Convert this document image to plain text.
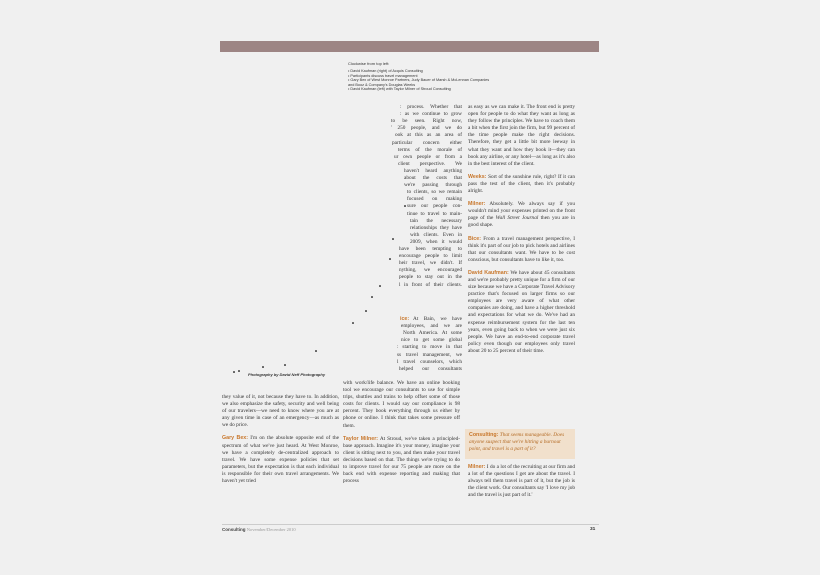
Clockwise from top left:
• David Kaufman (right) of Acquis Consulting
• Participants discuss travel management
• Gary Bex of West Monroe Partners, Judy Bauer of Marsh & McLennan Companies
and Booz & Company's Douglas Weeks
• David Kaufman (left) with Taylor Milner of Stroud Consulting
: process. Whether that
: as we continue to grow
to be seen. Right now,
' 250 people, and we do
ook at this as an area of
particular concern either
terms of the morale of
ur own people or from a
client perspective. We
haven't heard anything
about the costs that
we're passing through
to clients, so we remain
focused on making
sure our people con-
tinue to travel to main-
tain the necessary
relationships they have
with clients. Even in
2009, when it would
have been tempting to
encourage people to limit
heir travel, we didn't. If
nything, we encouraged
people to stay out in the
l in front of their clients.
ice: At Bain, we have
employees, and we are
North America. At some
nice to get some global
: starting to move in that
ss travel management, we
l travel counselors, which
helped our consultants
Photography by David Neff Photography

with work/life balance. We have an online booking tool we encourage our consultants to use for simple trips, shuttles and trains to help offset some of those costs for clients. I would say our compliance is 98 percent. They book everything through us either by phone or online. I think that takes some pressure off them.

Taylor Milner: At Stroud, we've taken a principled-base approach. Imagine it's your money, imagine your client is sitting next to you, and then make your travel decisions based on that. The things we're trying to do to improve travel for our 75 people are more on the back end with expense reporting and making that process

they value of it, not because they have to. In addition, we also emphasize the safety, security and well being of our travelers—we need to know where you are at any given time in case of an emergency—as much as we do price.

Gary Bex: I'm on the absolute opposite end of the spectrum of what we've just heard. At West Monroe, we have a completely de-centralized approach to travel. We have some expense policies that set parameters, but the expectation is that each individual is responsible for their own travel arrangements. We haven't yet tried

as easy as we can make it. The front end is pretty open for people to do what they want as long as they follow the principles. We have to coach them a bit when the first join the firm, but 99 percent of the time people make the right decisions. Therefore, they get a little bit more leeway in what they want and how they book it—they can book any airline, or any hotel—as long as it's also in the best interest of the client.

Weeks: Sort of the sunshine rule, right? If it can pass the test of the client, then it's probably alright.

Milner: Absolutely. We always say if you wouldn't mind your expenses printed on the front page of the Wall Street Journal then you are in good shape.

Bice: From a travel management perspective, I think it's part of our job to pick hotels and airlines that our consultants want. We have to be cost conscious, but consultants have to like it, too.

David Kaufman: We have about 45 consultants and we're probably pretty unique for a firm of our size because we have a Corporate Travel Advisory practice that's focused on larger firms so our employees are very aware of what other companies are doing, and have a higher threshold and expectations for what we do. We've had an expense reimbursement system for the last ten years, even going back to when we were just six people. We have an end-to-end corporate travel policy even though our employees only travel about 20 to 25 percent of their time.

Consulting: That seems manageable. Does anyone suspect that we're hitting a burnout point, and travel is a part of it?

Milner: I do a lot of the recruiting at our firm and a lot of the questions I get are about the travel. I always tell them travel is part of it, but the job is the client work. Our consultants say 'I love my job and the travel is just part of it.'

Consulting November/December 2010	31
